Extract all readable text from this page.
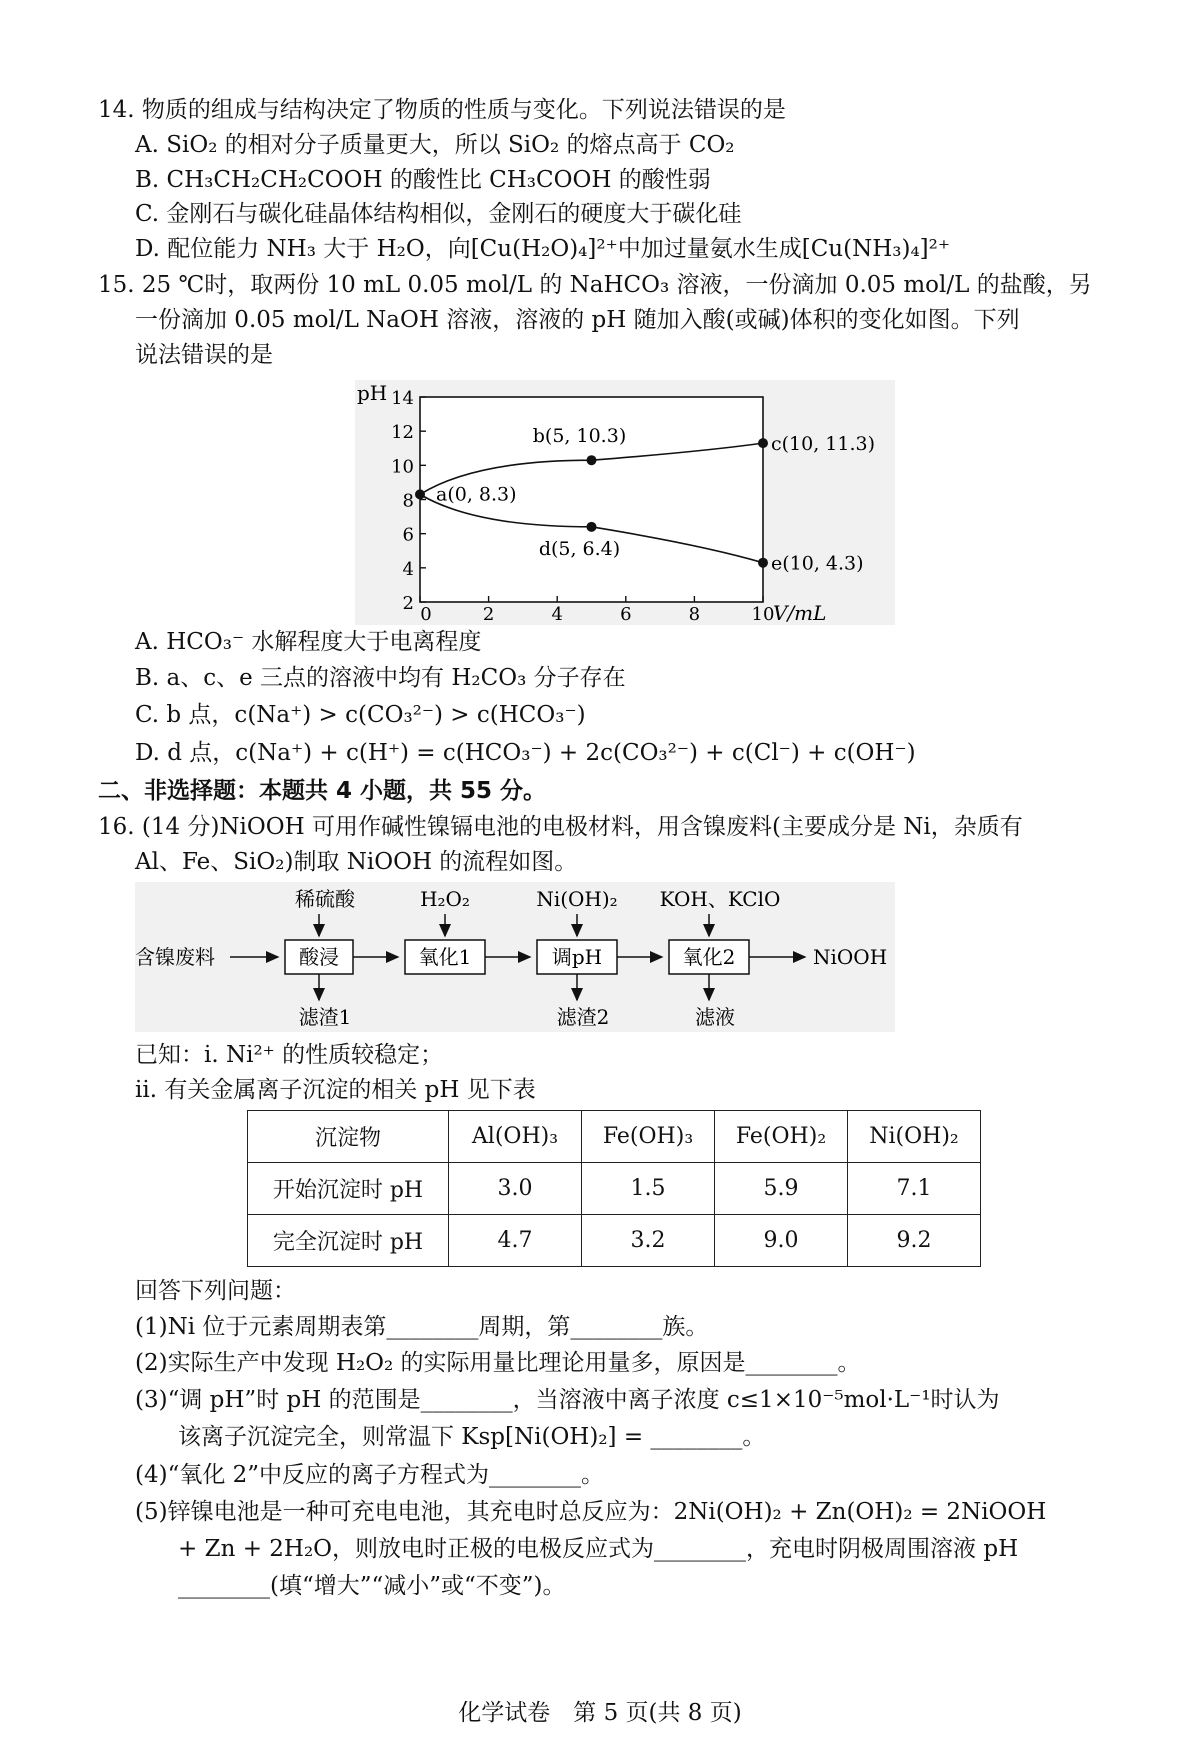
14. 物质的组成与结构决定了物质的性质与变化。下列说法错误的是
A. SiO₂ 的相对分子质量更大，所以 SiO₂ 的熔点高于 CO₂
B. CH₃CH₂CH₂COOH 的酸性比 CH₃COOH 的酸性弱
C. 金刚石与碳化硅晶体结构相似，金刚石的硬度大于碳化硅
D. 配位能力 NH₃ 大于 H₂O，向[Cu(H₂O)₄]²⁺中加过量氨水生成[Cu(NH₃)₄]²⁺
15. 25 ℃时，取两份 10 mL 0.05 mol/L 的 NaHCO₃ 溶液，一份滴加 0.05 mol/L 的盐酸，另
一份滴加 0.05 mol/L NaOH 溶液，溶液的 pH 随加入酸(或碱)体积的变化如图。下列
说法错误的是
pH
0	2	4	6	8	10
2
4
6
8
10
12
14
a(0, 8.3)
b(5, 10.3)	c(10, 11.3)
d(5, 6.4)
e(10, 4.3)
V/mL
A. HCO₃⁻ 水解程度大于电离程度
B. a、c、e 三点的溶液中均有 H₂CO₃ 分子存在
C. b 点，c(Na⁺) > c(CO₃²⁻) > c(HCO₃⁻)
D. d 点，c(Na⁺) + c(H⁺) = c(HCO₃⁻) + 2c(CO₃²⁻) + c(Cl⁻) + c(OH⁻)
二、非选择题：本题共 4 小题，共 55 分。
16. (14 分)NiOOH 可用作碱性镍镉电池的电极材料，用含镍废料(主要成分是 Ni，杂质有
Al、Fe、SiO₂)制取 NiOOH 的流程如图。
含镍废料	酸浸
稀硫酸
滤渣1
氧化1
H₂O₂
调pH
Ni(OH)₂
滤渣2
氧化2
KOH、KClO
滤液
NiOOH
已知：i. Ni²⁺ 的性质较稳定；
ii. 有关金属离子沉淀的相关 pH 见下表
沉淀物	Al(OH)₃	Fe(OH)₃	Fe(OH)₂	Ni(OH)₂
开始沉淀时 pH	3.0	1.5	5.9	7.1
完全沉淀时 pH	4.7	3.2	9.0	9.2
回答下列问题：
(1)Ni 位于元素周期表第________周期，第________族。
(2)实际生产中发现 H₂O₂ 的实际用量比理论用量多，原因是________。
(3)“调 pH”时 pH 的范围是________，当溶液中离子浓度 c≤1×10⁻⁵mol·L⁻¹时认为
该离子沉淀完全，则常温下 Ksp[Ni(OH)₂] = ________。
(4)“氧化 2”中反应的离子方程式为________。
(5)锌镍电池是一种可充电电池，其充电时总反应为：2Ni(OH)₂ + Zn(OH)₂ = 2NiOOH
+ Zn + 2H₂O，则放电时正极的电极反应式为________，充电时阴极周围溶液 pH
________(填“增大”“减小”或“不变”)。
化学试卷　第 5 页(共 8 页)
